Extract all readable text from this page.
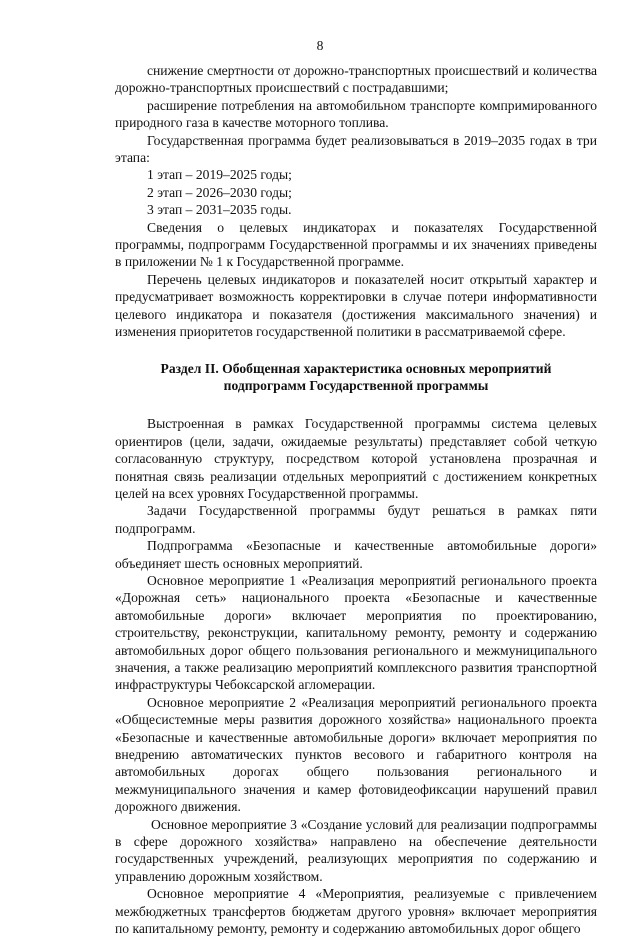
8

снижение смертности от дорожно-транспортных происшествий и количества дорожно-транспортных происшествий с пострадавшими;

расширение потребления на автомобильном транспорте компримированного природного газа в качестве моторного топлива.

Государственная программа будет реализовываться в 2019–2035 годах в три этапа:

1 этап – 2019–2025 годы;

2 этап – 2026–2030 годы;

3 этап – 2031–2035 годы.

Сведения о целевых индикаторах и показателях Государственной программы, подпрограмм Государственной программы и их значениях приведены в приложении № 1 к Государственной программе.

Перечень целевых индикаторов и показателей носит открытый характер и предусматривает возможность корректировки в случае потери информативности целевого индикатора и показателя (достижения максимального значения) и изменения приоритетов государственной политики в рассматриваемой сфере.

Раздел II. Обобщенная характеристика основных мероприятий
подпрограмм Государственной программы

Выстроенная в рамках Государственной программы система целевых ориентиров (цели, задачи, ожидаемые результаты) представляет собой четкую согласованную структуру, посредством которой установлена прозрачная и понятная связь реализации отдельных мероприятий с достижением конкретных целей на всех уровнях Государственной программы.

Задачи Государственной программы будут решаться в рамках пяти подпрограмм.

Подпрограмма «Безопасные и качественные автомобильные дороги» объединяет шесть основных мероприятий.

Основное мероприятие 1 «Реализация мероприятий регионального проекта «Дорожная сеть» национального проекта «Безопасные и качественные автомобильные дороги» включает мероприятия по проектированию, строительству, реконструкции, капитальному ремонту, ремонту и содержанию автомобильных дорог общего пользования регионального и межмуниципального значения, а также реализацию мероприятий комплексного развития транспортной инфраструктуры Чебоксарской агломерации.

Основное мероприятие 2 «Реализация мероприятий регионального проекта «Общесистемные меры развития дорожного хозяйства» национального проекта «Безопасные и качественные автомобильные дороги» включает мероприятия по внедрению автоматических пунктов весового и габаритного контроля на автомобильных дорогах общего пользования регионального и межмуниципального значения и камер фотовидеофиксации нарушений правил дорожного движения.

Основное мероприятие 3 «Создание условий для реализации подпрограммы в сфере дорожного хозяйства» направлено на обеспечение деятельности государственных учреждений, реализующих мероприятия по содержанию и управлению дорожным хозяйством.

Основное мероприятие 4 «Мероприятия, реализуемые с привлечением межбюджетных трансфертов бюджетам другого уровня» включает мероприятия по капитальному ремонту, ремонту и содержанию автомобильных дорог общего
